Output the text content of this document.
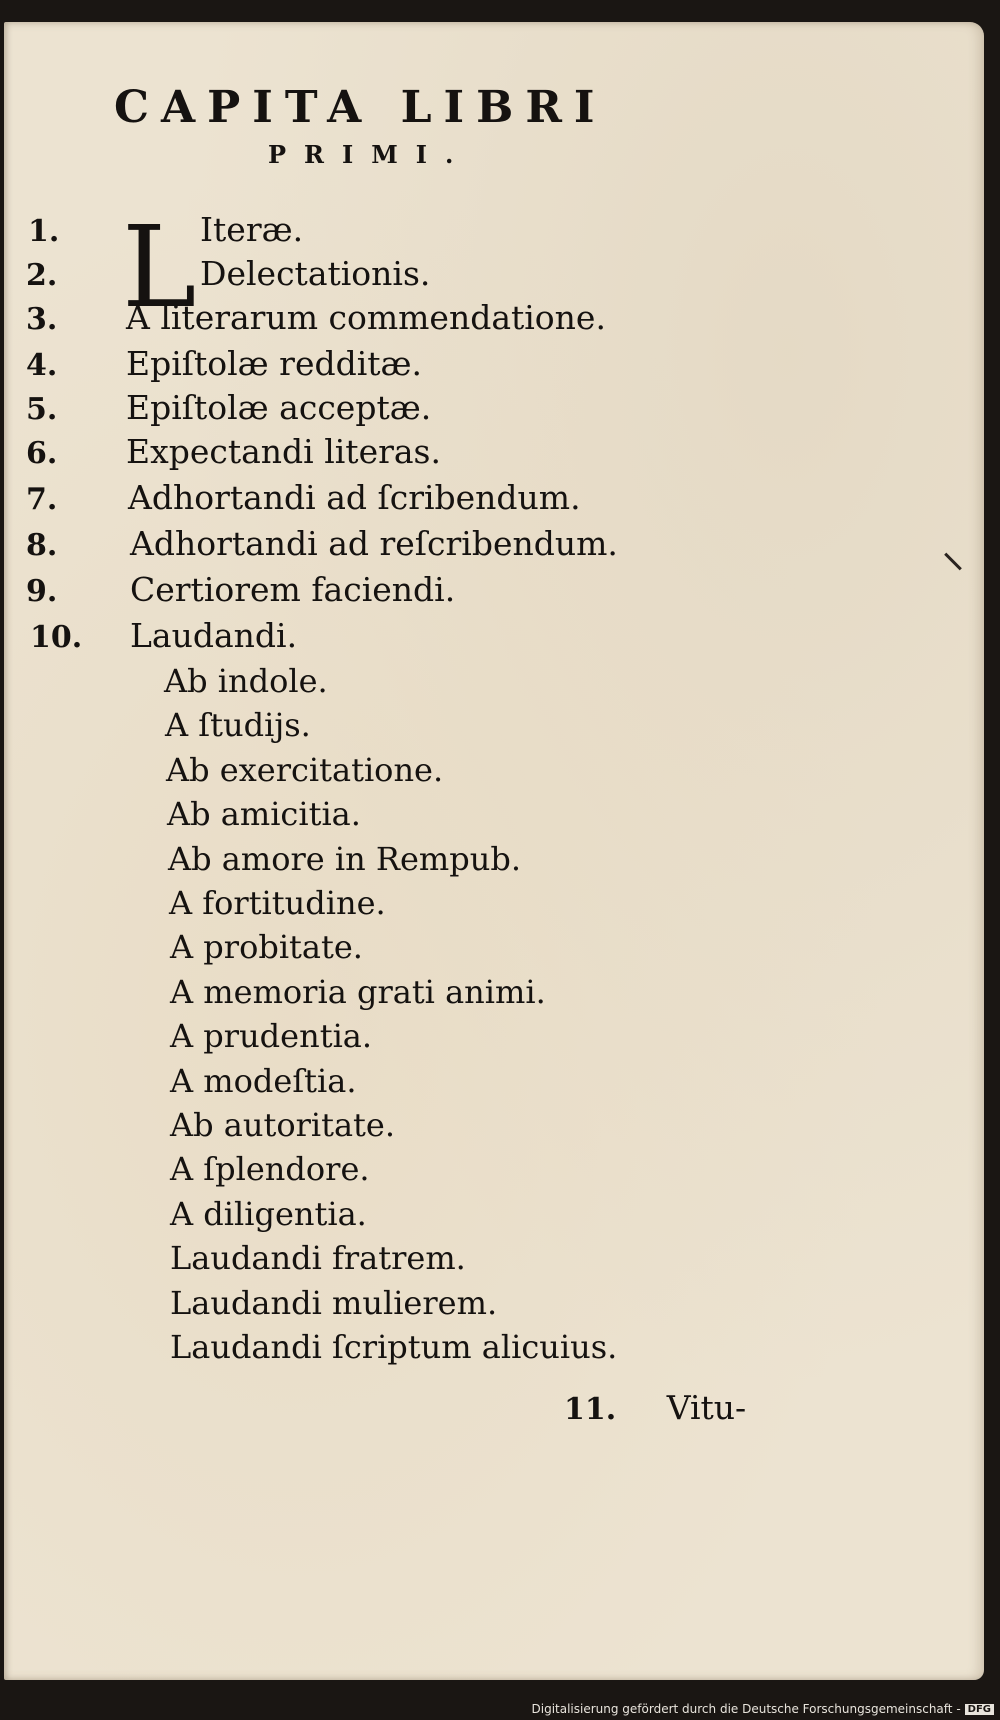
CAPITA LIBRI
PRIMI.
L
1.	Iteræ.
2.	Delectationis.
3.	A literarum commendatione.
4.	Epiſtolæ redditæ.
5.	Epiſtolæ acceptæ.
6.	Expectandi literas.
7.	Adhortandi ad ſcribendum.
8.	Adhortandi ad reſcribendum.
9.	Certiorem faciendi.
10.	Laudandi.
Ab indole.
A ſtudijs.
Ab exercitatione.
Ab amicitia.
Ab amore in Rempub.
A fortitudine.
A probitate.
A memoria grati animi.
A prudentia.
A modeſtia.
Ab autoritate.
A ſplendore.
A diligentia.
Laudandi fratrem.
Laudandi mulierem.
Laudandi ſcriptum alicuius.
11. Vitu-
Digitalisierung gefördert durch die Deutsche Forschungsgemeinschaft - DFG
